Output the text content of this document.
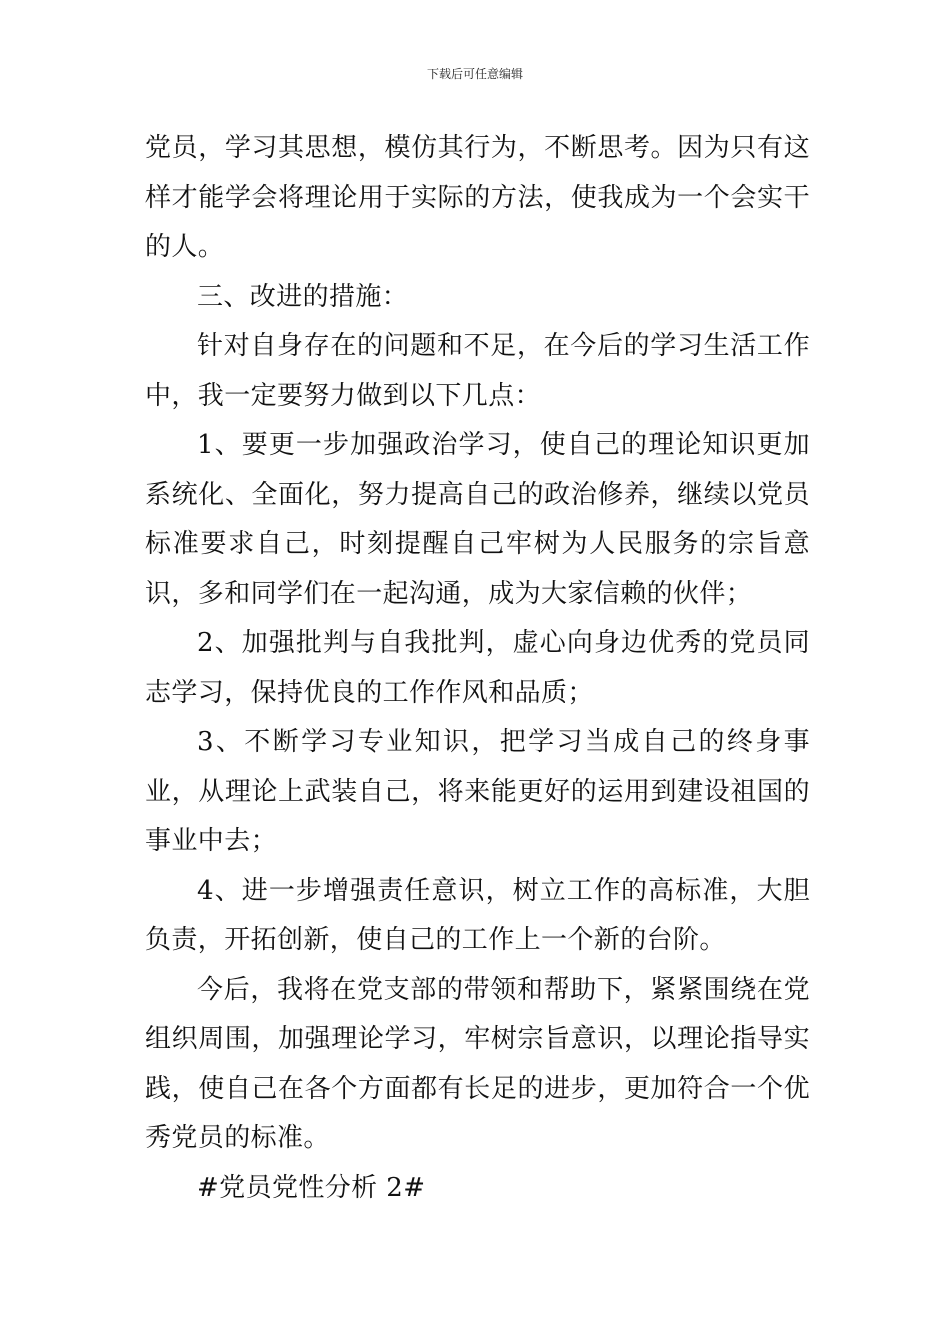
下载后可任意编辑

党员，学习其思想，模仿其行为，不断思考。因为只有这样才能学会将理论用于实际的方法，使我成为一个会实干的人。

三、改进的措施：

针对自身存在的问题和不足，在今后的学习生活工作中，我一定要努力做到以下几点：

1、要更一步加强政治学习，使自己的理论知识更加系统化、全面化，努力提高自己的政治修养，继续以党员标准要求自己，时刻提醒自己牢树为人民服务的宗旨意识，多和同学们在一起沟通，成为大家信赖的伙伴；

2、加强批判与自我批判，虚心向身边优秀的党员同志学习，保持优良的工作作风和品质；

3、不断学习专业知识，把学习当成自己的终身事业，从理论上武装自己，将来能更好的运用到建设祖国的事业中去；

4、进一步增强责任意识，树立工作的高标准，大胆负责，开拓创新，使自己的工作上一个新的台阶。

今后，我将在党支部的带领和帮助下，紧紧围绕在党组织周围，加强理论学习，牢树宗旨意识，以理论指导实践，使自己在各个方面都有长足的进步，更加符合一个优秀党员的标准。

#党员党性分析 2#
